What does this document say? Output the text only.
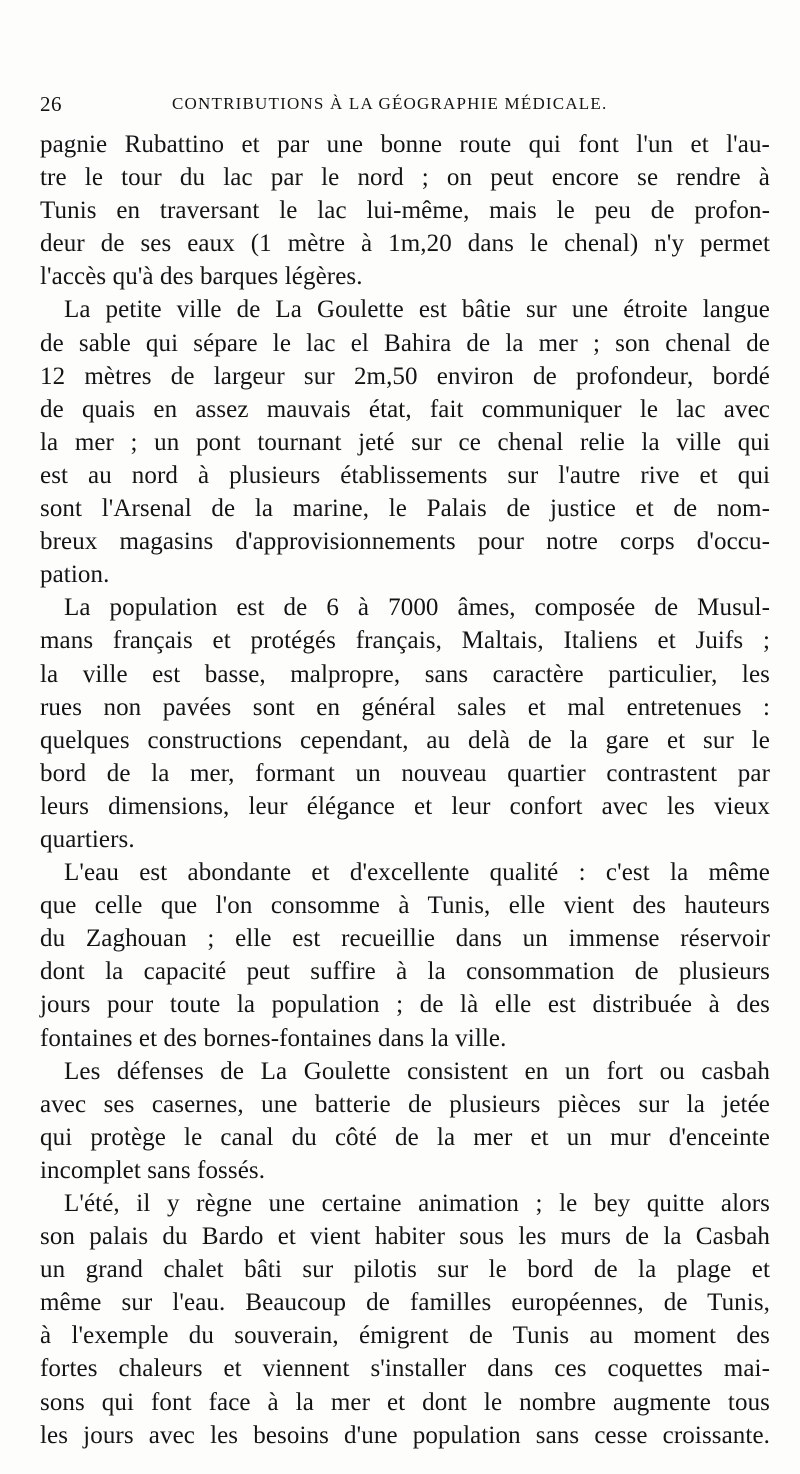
26	CONTRIBUTIONS À LA GÉOGRAPHIE MÉDICALE.
pagnie Rubattino et par une bonne route qui font l'un et l'au-
tre le tour du lac par le nord ; on peut encore se rendre à
Tunis en traversant le lac lui-même, mais le peu de profon-
deur de ses eaux (1 mètre à 1m,20 dans le chenal) n'y permet
l'accès qu'à des barques légères.
La petite ville de La Goulette est bâtie sur une étroite langue
de sable qui sépare le lac el Bahira de la mer ; son chenal de
12 mètres de largeur sur 2m,50 environ de profondeur, bordé
de quais en assez mauvais état, fait communiquer le lac avec
la mer ; un pont tournant jeté sur ce chenal relie la ville qui
est au nord à plusieurs établissements sur l'autre rive et qui
sont l'Arsenal de la marine, le Palais de justice et de nom-
breux magasins d'approvisionnements pour notre corps d'occu-
pation.
La population est de 6 à 7000 âmes, composée de Musul-
mans français et protégés français, Maltais, Italiens et Juifs ;
la ville est basse, malpropre, sans caractère particulier, les
rues non pavées sont en général sales et mal entretenues :
quelques constructions cependant, au delà de la gare et sur le
bord de la mer, formant un nouveau quartier contrastent par
leurs dimensions, leur élégance et leur confort avec les vieux
quartiers.
L'eau est abondante et d'excellente qualité : c'est la même
que celle que l'on consomme à Tunis, elle vient des hauteurs
du Zaghouan ; elle est recueillie dans un immense réservoir
dont la capacité peut suffire à la consommation de plusieurs
jours pour toute la population ; de là elle est distribuée à des
fontaines et des bornes-fontaines dans la ville.
Les défenses de La Goulette consistent en un fort ou casbah
avec ses casernes, une batterie de plusieurs pièces sur la jetée
qui protège le canal du côté de la mer et un mur d'enceinte
incomplet sans fossés.
L'été, il y règne une certaine animation ; le bey quitte alors
son palais du Bardo et vient habiter sous les murs de la Casbah
un grand chalet bâti sur pilotis sur le bord de la plage et
même sur l'eau. Beaucoup de familles européennes, de Tunis,
à l'exemple du souverain, émigrent de Tunis au moment des
fortes chaleurs et viennent s'installer dans ces coquettes mai-
sons qui font face à la mer et dont le nombre augmente tous
les jours avec les besoins d'une population sans cesse croissante.
